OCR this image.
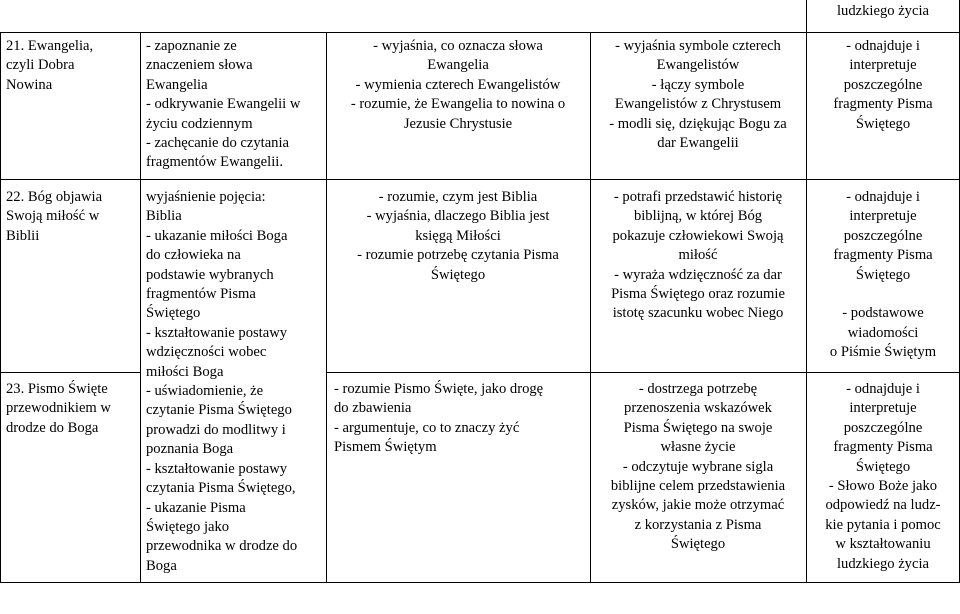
ludzkiego życia
21. Ewangelia,
czyli Dobra
Nowina
- zapoznanie ze
znaczeniem słowa
Ewangelia
- odkrywanie Ewangelii w
życiu codziennym
- zachęcanie do czytania
fragmentów Ewangelii.
- wyjaśnia, co oznacza słowa
Ewangelia
- wymienia czterech Ewangelistów
- rozumie, że Ewangelia to nowina o
Jezusie Chrystusie
- wyjaśnia symbole czterech
Ewangelistów
- łączy symbole
Ewangelistów z Chrystusem
- modli się, dziękując Bogu za
dar Ewangelii
- odnajduje i
interpretuje
poszczególne
fragmenty Pisma
Świętego
22. Bóg objawia
Swoją miłość w
Biblii
wyjaśnienie pojęcia:
Biblia
- ukazanie miłości Boga
do człowieka na
podstawie wybranych
fragmentów Pisma
Świętego
- kształtowanie postawy
wdzięczności wobec
miłości Boga
- uświadomienie, że
czytanie Pisma Świętego
prowadzi do modlitwy i
poznania Boga
- kształtowanie postawy
czytania Pisma Świętego,
- ukazanie Pisma
Świętego jako
przewodnika w drodze do
Boga
- rozumie, czym jest Biblia
- wyjaśnia, dlaczego Biblia jest
księgą Miłości
- rozumie potrzebę czytania Pisma
Świętego
- potrafi przedstawić historię
biblijną, w której Bóg
pokazuje człowiekowi Swoją
miłość
- wyraża wdzięczność za dar
Pisma Świętego oraz rozumie
istotę szacunku wobec Niego
- odnajduje i
interpretuje
poszczególne
fragmenty Pisma
Świętego

- podstawowe
wiadomości
o Piśmie Świętym
23. Pismo Święte
przewodnikiem w
drodze do Boga
- rozumie Pismo Święte, jako drogę
do zbawienia
- argumentuje, co to znaczy żyć
Pismem Świętym
- dostrzega potrzebę
przenoszenia wskazówek
Pisma Świętego na swoje
własne życie
- odczytuje wybrane sigla
biblijne celem przedstawienia
zysków, jakie może otrzymać
z korzystania z Pisma
Świętego
- odnajduje i
interpretuje
poszczególne
fragmenty Pisma
Świętego
- Słowo Boże jako
odpowiedź na ludz-
kie pytania i pomoc
w kształtowaniu
ludzkiego życia
